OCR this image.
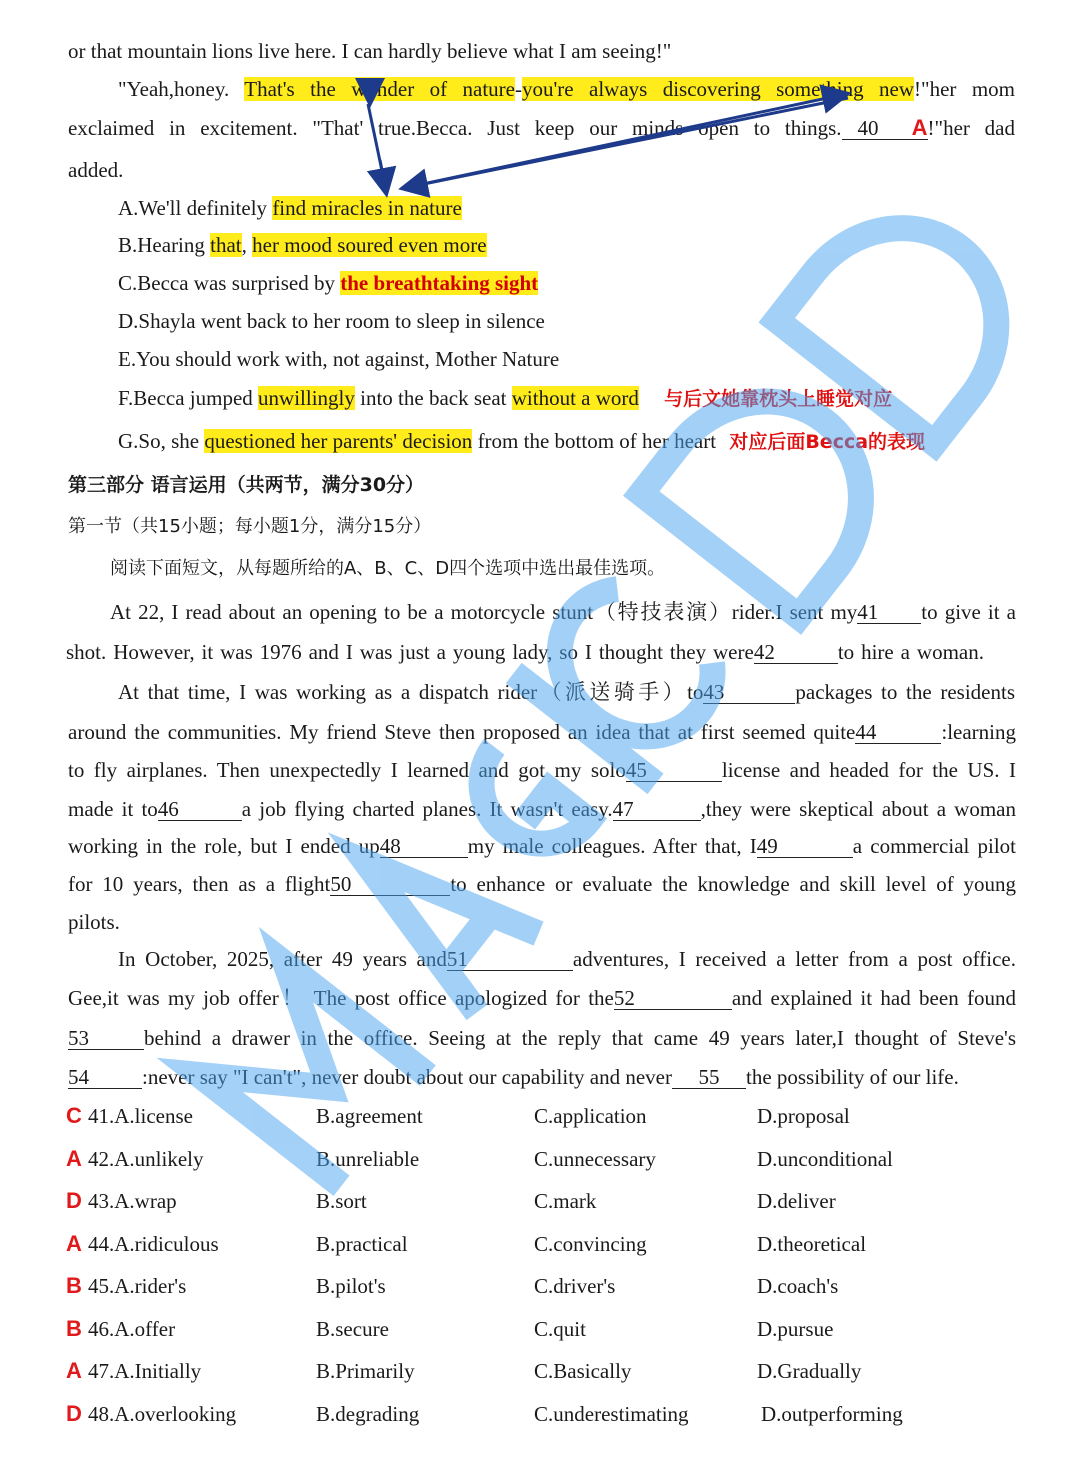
or that mountain lions live here. I can hardly believe what I am seeing!"
"Yeah,honey. That's the wonder of nature-you're always discovering something new!"her mom
exclaimed in excitement. "That' true.Becca. Just keep our minds open to things. 40 A!"her dad
added.
A.We'll definitely find miracles in nature
B.Hearing that, her mood soured even more
C.Becca was surprised by the breathtaking sight
D.Shayla went back to her room to sleep in silence
E.You should work with, not against, Mother Nature
F.Becca jumped unwillingly into the back seat without a word 与后文她靠枕头上睡觉对应
G.So, she questioned her parents' decision from the bottom of her heart 对应后面Becca的表现
第三部分 语言运用（共两节，满分30分）
第一节（共15小题；每小题1分，满分15分）
阅读下面短文，从每题所给的A、B、C、D四个选项中选出最佳选项。
At 22, I read about an opening to be a motorcycle stunt（特技表演）rider.I sent my41 to give it a
shot. However, it was 1976 and I was just a young lady, so I thought they were42	to hire a woman.
At that time, I was working as a dispatch rider（派送骑手）to43	packages to the residents
around the communities. My friend Steve then proposed an idea that at first seemed quite44	:learning
to fly airplanes. Then unexpectedly I learned and got my solo45	license and headed for the US. I
made it to46	a job flying charted planes. It wasn't easy.47	,they were skeptical about a woman
working in the role, but I ended up48	my male colleagues. After that, I49	a commercial pilot
for 10 years, then as a flight50	to enhance or evaluate the knowledge and skill level of young
pilots.
In October, 2025, after 49 years and51	adventures, I received a letter from a post office.
Gee,it was my job offer！ The post office apologized for the52	and explained it had been found
53	behind a drawer in the office. Seeing at the reply that came 49 years later,I thought of Steve's
54	:never say "I can't", never doubt about our capability and never 55 the possibility of our life.
C 41.A.license	B.agreement	C.application	D.proposal
A 42.A.unlikely	B.unreliable	C.unnecessary	D.unconditional
D 43.A.wrap	B.sort	C.mark	D.deliver
A 44.A.ridiculous	B.practical	C.convincing	D.theoretical
B 45.A.rider's	B.pilot's	C.driver's	D.coach's
B 46.A.offer	B.secure	C.quit	D.pursue
A 47.A.Initially	B.Primarily	C.Basically	D.Gradually
D 48.A.overlooking	B.degrading	C.underestimating	D.outperforming
